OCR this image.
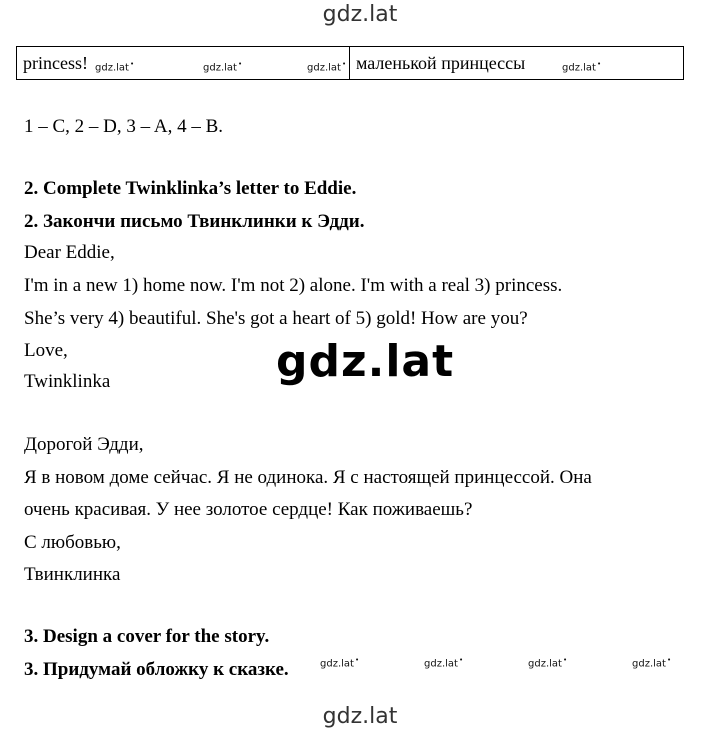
gdz.lat
princess! gdz.lat •	gdz.lat •	gdz.lat •	маленькой принцессы	gdz.lat •
1 – C, 2 – D, 3 – A, 4 – B.
2. Complete Twinklinka’s letter to Eddie.
2. Закончи письмо Твинклинки к Эдди.
Dear Eddie,
I'm in a new 1) home now. I'm not 2) alone. I'm with a real 3) princess.
She’s very 4) beautiful. She's got a heart of 5) gold! How are you?
Love,
Twinklinka	gdz.lat
Дорогой Эдди,
Я в новом доме сейчас. Я не одинока. Я с настоящей принцессой. Она
очень красивая. У нее золотое сердце! Как поживаешь?
С любовью,
Твинклинка
3. Design a cover for the story.
3. Придумай обложку к сказке.	gdz.lat •	gdz.lat •	gdz.lat •	gdz.lat •
gdz.lat
